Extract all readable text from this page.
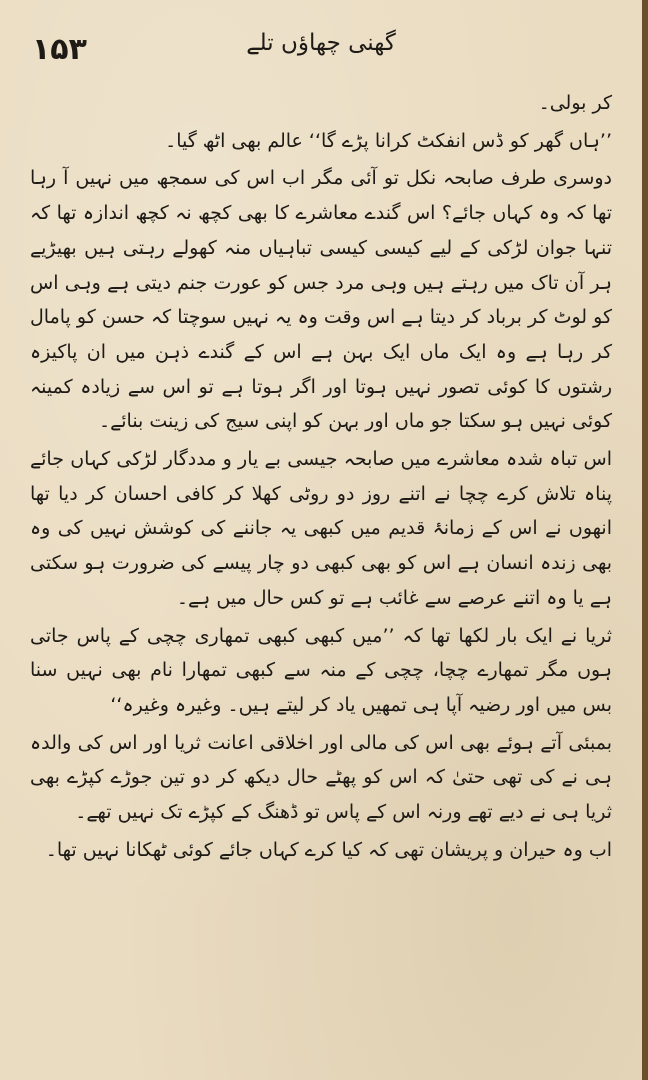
۱۵۳	گھنی چھاؤں تلے

کر بولی۔

’’ہاں گھر کو ڈس انفکٹ کرانا پڑے گا‘‘ عالم بھی اٹھ گیا۔

دوسری طرف صابحہ نکل تو آئی مگر اب اس کی سمجھ میں نہیں آ رہا تھا کہ وہ کہاں جائے؟ اس گندے معاشرے کا بھی کچھ نہ کچھ اندازہ تھا کہ تنہا جوان لڑکی کے لیے کیسی کیسی تباہیاں منہ کھولے رہتی ہیں بھیڑیے ہر آن تاک میں رہتے ہیں وہی مرد جس کو عورت جنم دیتی ہے وہی اس کو لوٹ کر برباد کر دیتا ہے اس وقت وہ یہ نہیں سوچتا کہ حسن کو پامال کر رہا ہے وہ ایک ماں ایک بہن ہے اس کے گندے ذہن میں ان پاکیزہ رشتوں کا کوئی تصور نہیں ہوتا اور اگر ہوتا ہے تو اس سے زیادہ کمینہ کوئی نہیں ہو سکتا جو ماں اور بہن کو اپنی سیج کی زینت بنائے۔

اس تباہ شدہ معاشرے میں صابحہ جیسی بے یار و مددگار لڑکی کہاں جائے پناہ تلاش کرے چچا نے اتنے روز دو روٹی کھلا کر کافی احسان کر دیا تھا انھوں نے اس کے زمانۂ قدیم میں کبھی یہ جاننے کی کوشش نہیں کی وہ بھی زندہ انسان ہے اس کو بھی کبھی دو چار پیسے کی ضرورت ہو سکتی ہے یا وہ اتنے عرصے سے غائب ہے تو کس حال میں ہے۔

ثریا نے ایک بار لکھا تھا کہ ’’میں کبھی کبھی تمھاری چچی کے پاس جاتی ہوں مگر تمھارے چچا، چچی کے منہ سے کبھی تمھارا نام بھی نہیں سنا بس میں اور رضیہ آپا ہی تمھیں یاد کر لیتے ہیں۔ وغیرہ وغیرہ‘‘

بمبئی آتے ہوئے بھی اس کی مالی اور اخلاقی اعانت ثریا اور اس کی والدہ ہی نے کی تھی حتیٰ کہ اس کو پھٹے حال دیکھ کر دو تین جوڑے کپڑے بھی ثریا ہی نے دیے تھے ورنہ اس کے پاس تو ڈھنگ کے کپڑے تک نہیں تھے۔

اب وہ حیران و پریشان تھی کہ کیا کرے کہاں جائے کوئی ٹھکانا نہیں تھا۔
